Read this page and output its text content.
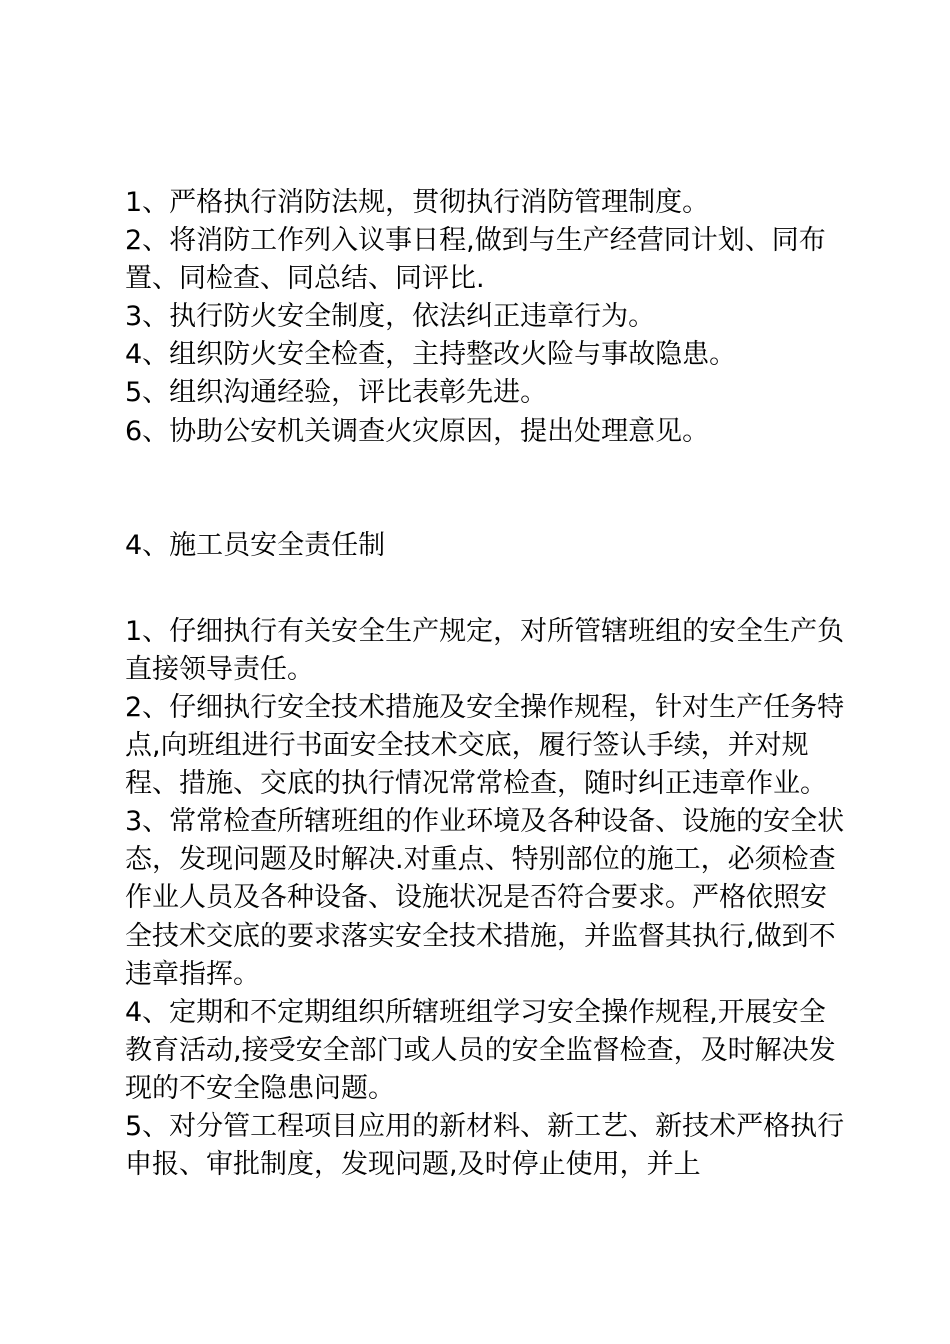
1、严格执行消防法规，贯彻执行消防管理制度。

2、将消防工作列入议事日程,做到与生产经营同计划、同布置、同检查、同总结、同评比.

3、执行防火安全制度，依法纠正违章行为。

4、组织防火安全检查，主持整改火险与事故隐患。

5、组织沟通经验，评比表彰先进。

6、协助公安机关调查火灾原因，提出处理意见。

4、施工员安全责任制

1、仔细执行有关安全生产规定，对所管辖班组的安全生产负直接领导责任。

2、仔细执行安全技术措施及安全操作规程，针对生产任务特点,向班组进行书面安全技术交底，履行签认手续，并对规程、措施、交底的执行情况常常检查，随时纠正违章作业。

3、常常检查所辖班组的作业环境及各种设备、设施的安全状态，发现问题及时解决.对重点、特别部位的施工，必须检查作业人员及各种设备、设施状况是否符合要求。严格依照安全技术交底的要求落实安全技术措施，并监督其执行,做到不违章指挥。

4、定期和不定期组织所辖班组学习安全操作规程,开展安全教育活动,接受安全部门或人员的安全监督检查，及时解决发现的不安全隐患问题。

5、对分管工程项目应用的新材料、新工艺、新技术严格执行申报、审批制度，发现问题,及时停止使用，并上
